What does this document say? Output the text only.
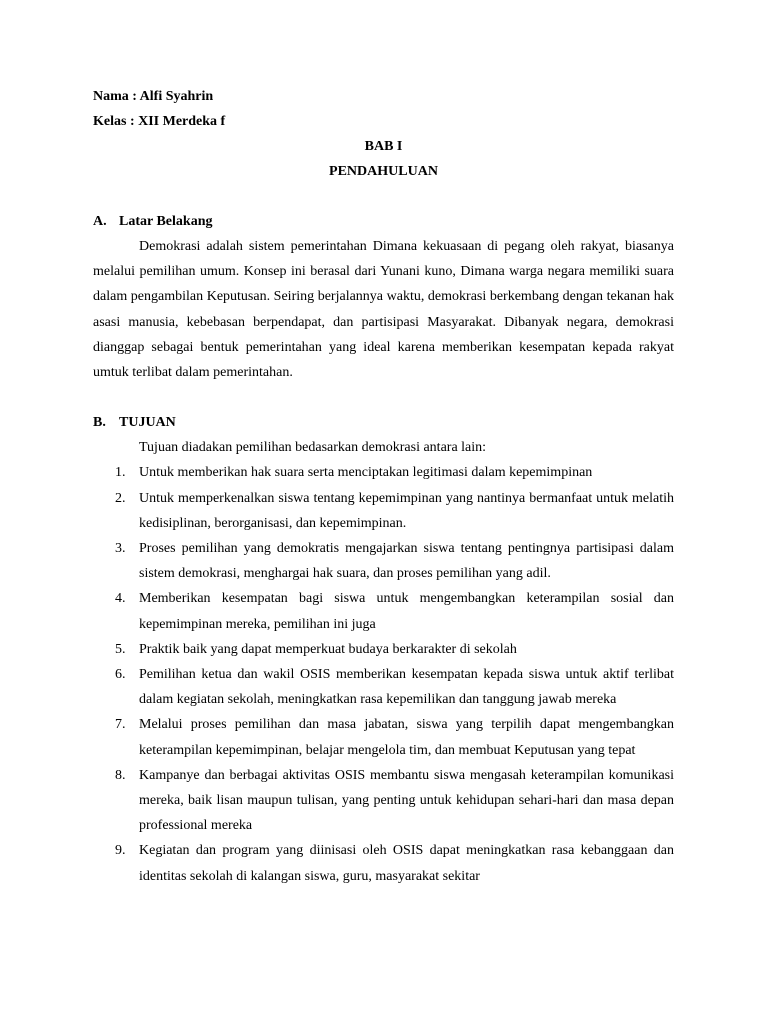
Nama : Alfi Syahrin
Kelas : XII Merdeka f
BAB I
PENDAHULUAN
A. Latar Belakang

Demokrasi adalah sistem pemerintahan Dimana kekuasaan di pegang oleh rakyat, biasanya melalui pemilihan umum. Konsep ini berasal dari Yunani kuno, Dimana warga negara memiliki suara dalam pengambilan Keputusan. Seiring berjalannya waktu, demokrasi berkembang dengan tekanan hak asasi manusia, kebebasan berpendapat, dan partisipasi Masyarakat. Dibanyak negara, demokrasi dianggap sebagai bentuk pemerintahan yang ideal karena memberikan kesempatan kepada rakyat umtuk terlibat dalam pemerintahan.

B. TUJUAN
Tujuan diadakan pemilihan bedasarkan demokrasi antara lain:
1. Untuk memberikan hak suara serta menciptakan legitimasi dalam kepemimpinan
2. Untuk memperkenalkan siswa tentang kepemimpinan yang nantinya bermanfaat untuk melatih kedisiplinan, berorganisasi, dan kepemimpinan.
3. Proses pemilihan yang demokratis mengajarkan siswa tentang pentingnya partisipasi dalam sistem demokrasi, menghargai hak suara, dan proses pemilihan yang adil.
4. Memberikan kesempatan bagi siswa untuk mengembangkan keterampilan sosial dan kepemimpinan mereka, pemilihan ini juga
5. Praktik baik yang dapat memperkuat budaya berkarakter di sekolah
6. Pemilihan ketua dan wakil OSIS memberikan kesempatan kepada siswa untuk aktif terlibat dalam kegiatan sekolah, meningkatkan rasa kepemilikan dan tanggung jawab mereka
7. Melalui proses pemilihan dan masa jabatan, siswa yang terpilih dapat mengembangkan keterampilan kepemimpinan, belajar mengelola tim, dan membuat Keputusan yang tepat
8. Kampanye dan berbagai aktivitas OSIS membantu siswa mengasah keterampilan komunikasi mereka, baik lisan maupun tulisan, yang penting untuk kehidupan sehari-hari dan masa depan professional mereka
9. Kegiatan dan program yang diinisasi oleh OSIS dapat meningkatkan rasa kebanggaan dan identitas sekolah di kalangan siswa, guru, masyarakat sekitar
